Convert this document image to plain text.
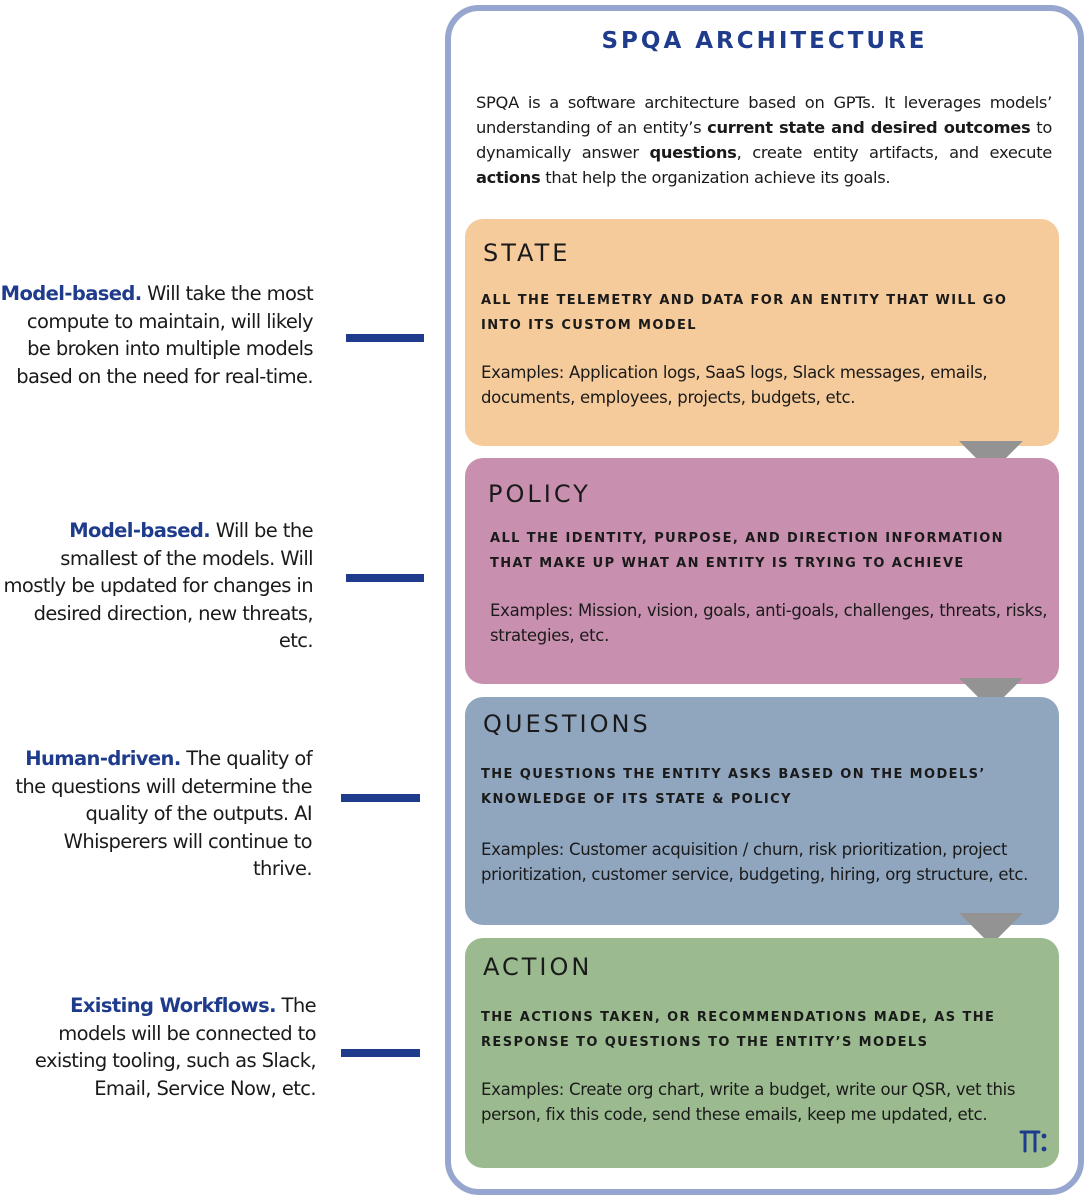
Model-based. Will take the most compute to maintain, will likely be broken into multiple models based on the need for real-time.
Model-based. Will be the smallest of the models. Will mostly be updated for changes in desired direction, new threats, etc.
Human-driven. The quality of the questions will determine the quality of the outputs. AI Whisperers will continue to thrive.
Existing Workflows. The models will be connected to existing tooling, such as Slack, Email, Service Now, etc.
SPQA ARCHITECTURE
SPQA is a software architecture based on GPTs. It leverages models’ understanding of an entity’s current state and desired outcomes to dynamically answer questions, create entity artifacts, and execute actions that help the organization achieve its goals.
STATE
ALL THE TELEMETRY AND DATA FOR AN ENTITY THAT WILL GO INTO ITS CUSTOM MODEL
Examples: Application logs, SaaS logs, Slack messages, emails, documents, employees, projects, budgets, etc.
POLICY
ALL THE IDENTITY, PURPOSE, AND DIRECTION INFORMATION THAT MAKE UP WHAT AN ENTITY IS TRYING TO ACHIEVE
Examples: Mission, vision, goals, anti-goals, challenges, threats, risks, strategies, etc.
QUESTIONS
THE QUESTIONS THE ENTITY ASKS BASED ON THE MODELS’ KNOWLEDGE OF ITS STATE & POLICY
Examples: Customer acquisition / churn, risk prioritization, project prioritization, customer service, budgeting, hiring, org structure, etc.
ACTION
THE ACTIONS TAKEN, OR RECOMMENDATIONS MADE, AS THE RESPONSE TO QUESTIONS TO THE ENTITY’S MODELS
Examples: Create org chart, write a budget, write our QSR, vet this person, fix this code, send these emails, keep me updated, etc.
